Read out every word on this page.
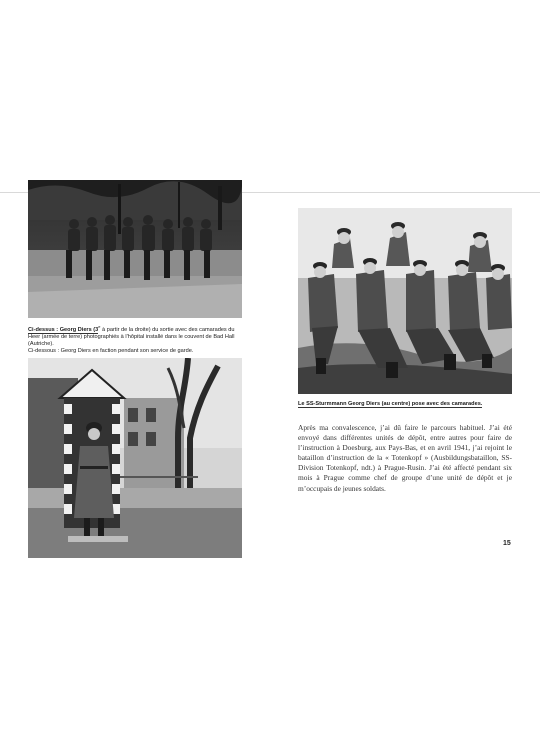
Ci-dessus : Georg Diers (3e à partir de la droite) du sortie avec des camarades du Heer (armée de terre) photographiés à l’hôpital installé dans le couvent de Bad Hall (Autriche).
Ci-dessous : Georg Diers en faction pendant son service de garde.
Le SS-Sturmmann Georg Diers (au centre) pose avec des camarades.
Après ma convalescence, j’ai dû faire le parcours habituel. J’ai été envoyé dans différentes unités de dépôt, entre autres pour faire de l’instruction à Doesburg, aux Pays-Bas, et en avril 1941, j’ai rejoint le bataillon d’instruction de la « Totenkopf » (Ausbildungsbataillon, SS-Division Totenkopf, ndt.) à Prague-Rusin. J’ai été affecté pendant six mois à Prague comme chef de groupe d’une unité de dépôt et je m’occupais de jeunes soldats.
15
